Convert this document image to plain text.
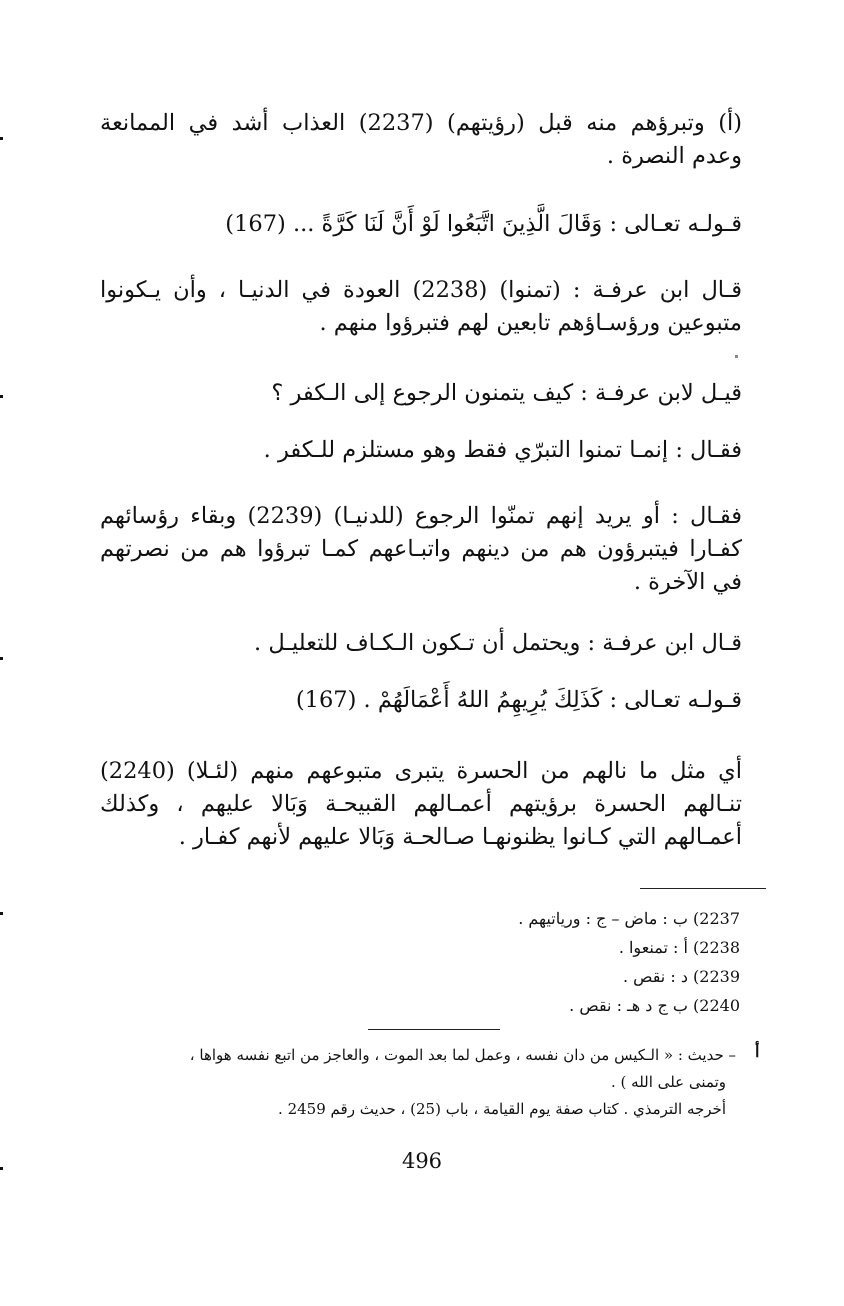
(أ) وتبرؤهم منه قبل (رؤيتهم) (2237) العذاب أشد في الممانعة وعدم النصرة .

قـولـه تعـالى : وَقَالَ الَّذِينَ اتَّبَعُوا لَوْ أَنَّ لَنَا كَرَّةً ... (167)

قـال ابن عرفـة : (تمنوا) (2238) العودة في الدنيـا ، وأن يـكونوا متبوعين ورؤسـاؤهم تابعين لهم فتبرؤوا منهم .

قيـل لابن عرفـة : كيف يتمنون الرجوع إلى الـكفر ؟

فقـال : إنمـا تمنوا التبرّي فقط وهو مستلزم للـكفر .

فقـال : أو يريد إنهم تمنّوا الرجوع (للدنيـا) (2239) وبقاء رؤسائهم كفـارا فيتبرؤون هم من دينهم واتبـاعهم كمـا تبرؤوا هم من نصرتهم في الآخرة .

قـال ابن عرفـة : ويحتمل أن تـكون الـكـاف للتعليـل .

قـولـه تعـالى : كَذَلِكَ يُرِيهِمُ اللهُ أَعْمَالَهُمْ . (167)

أي مثل ما نالهم من الحسرة يتبرى متبوعهم منهم (لئـلا) (2240) تنـالهم الحسرة برؤيتهم أعمـالهم القبيحـة وَبَالا عليهم ، وكذلك أعمـالهم التي كـانوا يظنونهـا صـالحـة وَبَالا عليهم لأنهم كفـار .

2237) ب : ماض – ج : ورياتيهم .

2238) أ : تمنعوا .

2239) د : نقص .

2240) ب ج د هـ : نقص .

أ

– حديث : « الـكيس من دان نفسه ، وعمل لما بعد الموت ، والعاجز من اتبع نفسه هواها ،

وتمنى على الله ) .

أخرجه الترمذي . كتاب صفة يوم القيامة ، باب (25) ، حديث رقم 2459 .

496
